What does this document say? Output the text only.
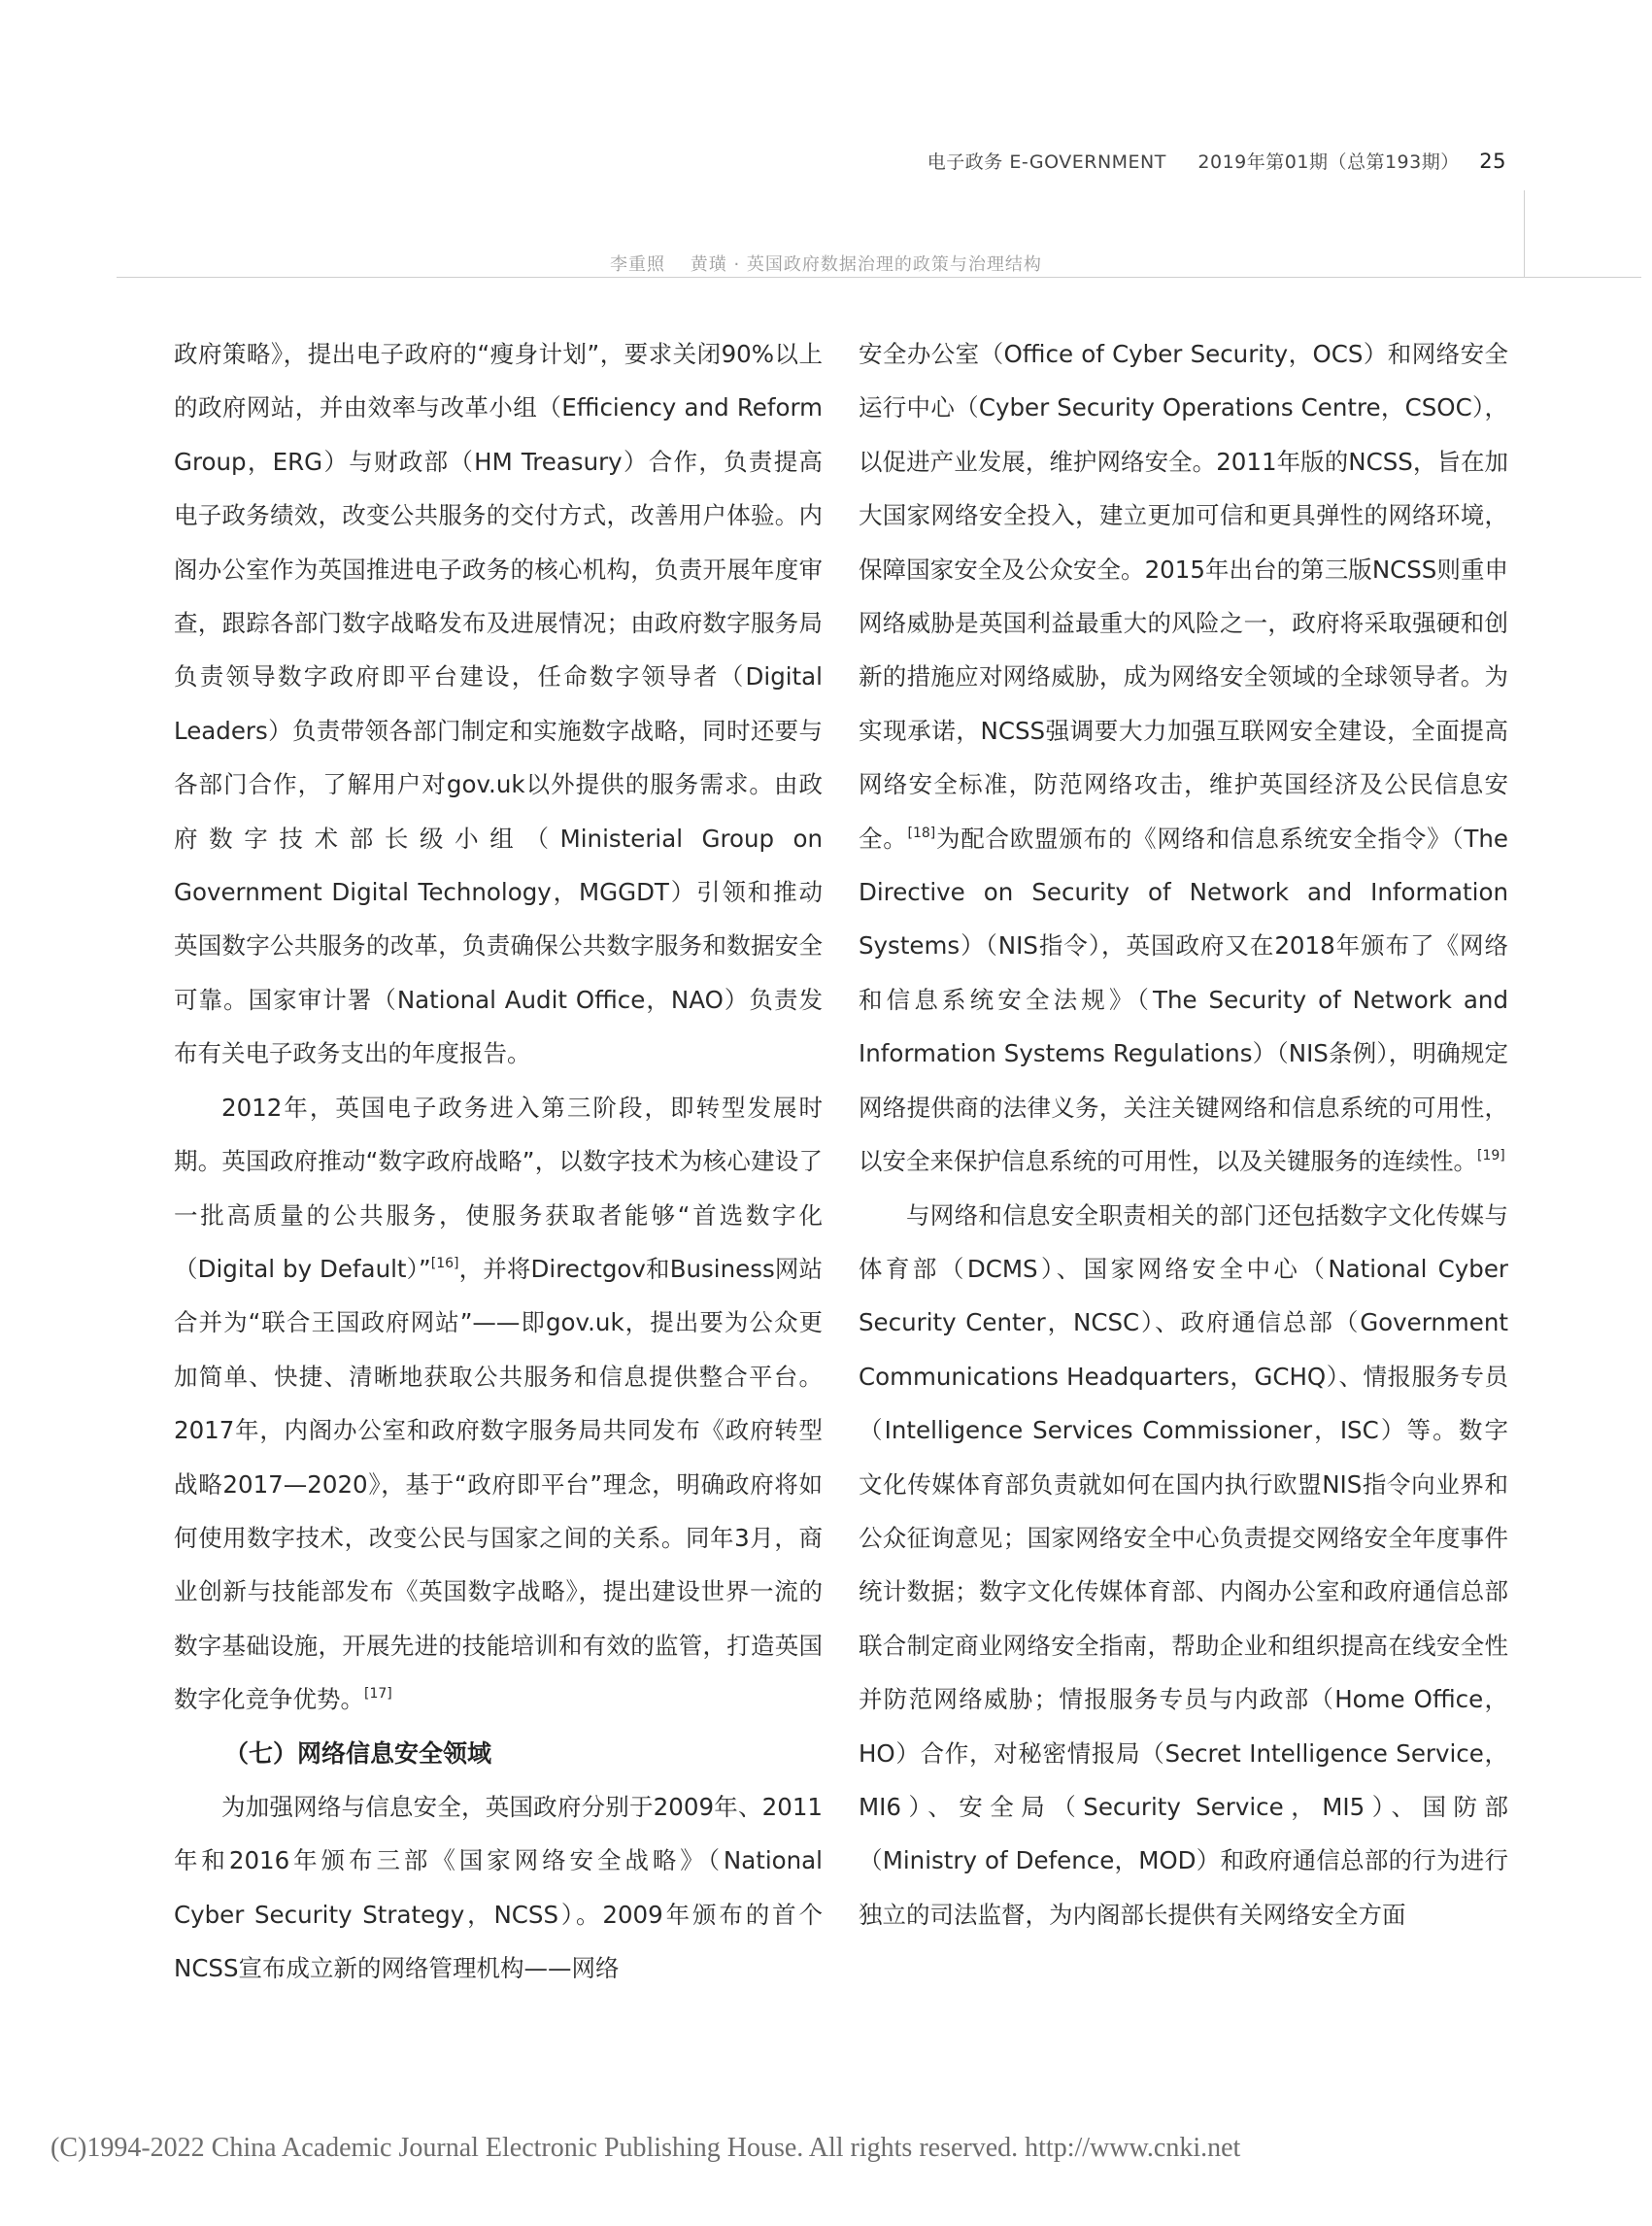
电子政务 E-GOVERNMENT 2019年第01期（总第193期） 25
李重照　 黄璜 · 英国政府数据治理的政策与治理结构

政府策略》，提出电子政府的“瘦身计划”，要求关闭90%以上的政府网站，并由效率与改革小组（Efficiency and Reform Group，ERG）与财政部（HM Treasury）合作，负责提高电子政务绩效，改变公共服务的交付方式，改善用户体验。内阁办公室作为英国推进电子政务的核心机构，负责开展年度审查，跟踪各部门数字战略发布及进展情况；由政府数字服务局负责领导数字政府即平台建设，任命数字领导者（Digital Leaders）负责带领各部门制定和实施数字战略，同时还要与各部门合作，了解用户对gov.uk以外提供的服务需求。由政府数字技术部长级小组（Ministerial Group on Government Digital Technology，MGGDT）引领和推动英国数字公共服务的改革，负责确保公共数字服务和数据安全可靠。国家审计署（National Audit Office，NAO）负责发布有关电子政务支出的年度报告。

2012年，英国电子政务进入第三阶段，即转型发展时期。英国政府推动“数字政府战略”，以数字技术为核心建设了一批高质量的公共服务，使服务获取者能够“首选数字化（Digital by Default）”[16]，并将Directgov和Business网站合并为“联合王国政府网站”——即gov.uk，提出要为公众更加简单、快捷、清晰地获取公共服务和信息提供整合平台。2017年，内阁办公室和政府数字服务局共同发布《政府转型战略2017—2020》，基于“政府即平台”理念，明确政府将如何使用数字技术，改变公民与国家之间的关系。同年3月，商业创新与技能部发布《英国数字战略》，提出建设世界一流的数字基础设施，开展先进的技能培训和有效的监管，打造英国数字化竞争优势。[17]

（七）网络信息安全领域

为加强网络与信息安全，英国政府分别于2009年、2011年和2016年颁布三部《国家网络安全战略》（National Cyber Security Strategy，NCSS）。2009年颁布的首个NCSS宣布成立新的网络管理机构——网络

安全办公室（Office of Cyber Security，OCS）和网络安全运行中心（Cyber Security Operations Centre，CSOC），以促进产业发展，维护网络安全。2011年版的NCSS，旨在加大国家网络安全投入，建立更加可信和更具弹性的网络环境，保障国家安全及公众安全。2015年出台的第三版NCSS则重申网络威胁是英国利益最重大的风险之一，政府将采取强硬和创新的措施应对网络威胁，成为网络安全领域的全球领导者。为实现承诺，NCSS强调要大力加强互联网安全建设，全面提高网络安全标准，防范网络攻击，维护英国经济及公民信息安全。[18]为配合欧盟颁布的《网络和信息系统安全指令》（The Directive on Security of Network and Information Systems）（NIS指令），英国政府又在2018年颁布了《网络和信息系统安全法规》（The Security of Network and Information Systems Regulations）（NIS条例），明确规定网络提供商的法律义务，关注关键网络和信息系统的可用性，以安全来保护信息系统的可用性，以及关键服务的连续性。[19]

与网络和信息安全职责相关的部门还包括数字文化传媒与体育部（DCMS）、国家网络安全中心（National Cyber Security Center，NCSC）、政府通信总部（Government Communications Headquarters，GCHQ）、情报服务专员（Intelligence Services Commissioner，ISC）等。数字文化传媒体育部负责就如何在国内执行欧盟NIS指令向业界和公众征询意见；国家网络安全中心负责提交网络安全年度事件统计数据；数字文化传媒体育部、内阁办公室和政府通信总部联合制定商业网络安全指南，帮助企业和组织提高在线安全性并防范网络威胁；情报服务专员与内政部（Home Office，HO）合作，对秘密情报局（Secret Intelligence Service，MI6）、安全局（Security Service，MI5）、国防部（Ministry of Defence，MOD）和政府通信总部的行为进行独立的司法监督，为内阁部长提供有关网络安全方面

(C)1994-2022 China Academic Journal Electronic Publishing House. All rights reserved. http://www.cnki.net
